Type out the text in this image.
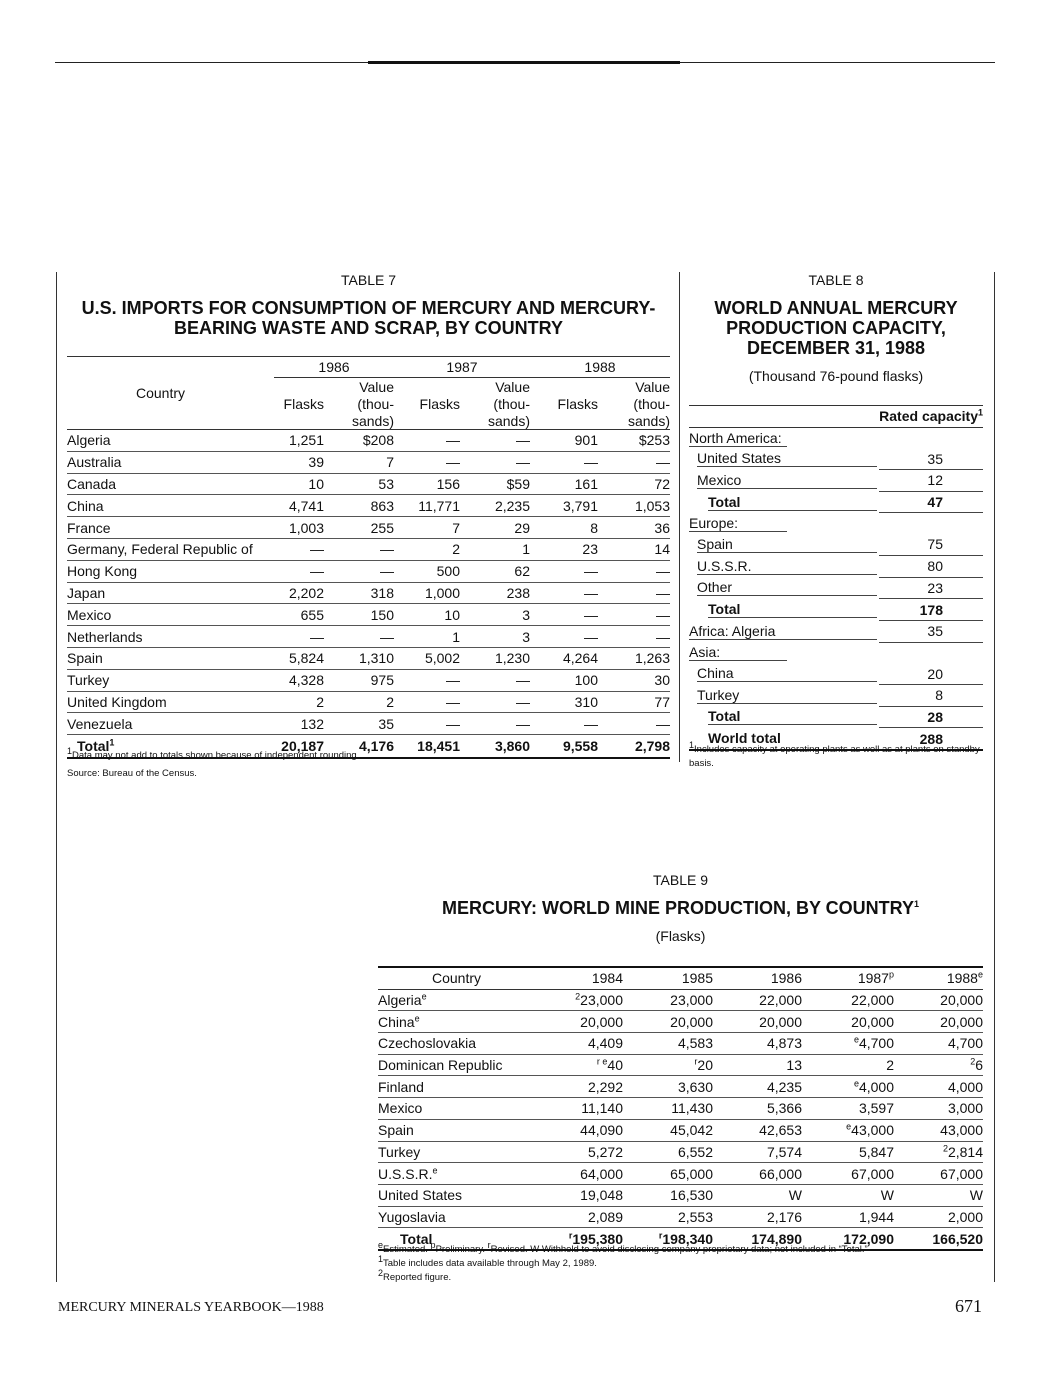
TABLE 7
U.S. IMPORTS FOR CONSUMPTION OF MERCURY AND MERCURY-
BEARING WASTE AND SCRAP, BY COUNTRY
Country	1986		1987		1988	
	Flasks	Value	Flasks	Value	Flasks	Value
		(thou-		(thou-		(thou-
		sands)		sands)		sands)
Algeria	1,251	$208	—	—	901	$253
Australia	39	7	—	—	—	—
Canada	10	53	156	$59	161	72
China	4,741	863	11,771	2,235	3,791	1,053
France	1,003	255	7	29	8	36
Germany, Federal Republic of	—	—	2	1	23	14
Hong Kong	—	—	500	62	—	—
Japan	2,202	318	1,000	238	—	—
Mexico	655	150	10	3	—	—
Netherlands	—	—	1	3	—	—
Spain	5,824	1,310	5,002	1,230	4,264	1,263
Turkey	4,328	975	—	—	100	30
United Kingdom	2	2	—	—	310	77
Venezuela	132	35	—	—	—	—
Total$^1$	20,187	4,176	18,451	3,860	9,558	2,798
$^1$Data may not add to totals shown because of independent rounding.
Source: Bureau of the Census.
TABLE 8
WORLD ANNUAL MERCURY
PRODUCTION CAPACITY,
DECEMBER 31, 1988
(Thousand 76-pound flasks)
	Rated capacity$^1$
North America:	
United States	35
Mexico	12
Total	47
Europe:	
Spain	75
U.S.S.R.	80
Other	23
Total	178
Africa: Algeria	35
Asia:	
China	20
Turkey	8
Total	28
World total	288
$^1$Includes capacity at operating plants as well as at plants on standby basis.
TABLE 9
MERCURY: WORLD MINE PRODUCTION, BY COUNTRY$^1$
(Flasks)
Country	1984	1985	1986	1987$^p$	1988e
Algeria$^e$	$^2$23,000	23,000	22,000	22,000	20,000
China$^e$	20,000	20,000	20,000	20,000	20,000
Czechoslovakia	4,409	4,583	4,873	$^e$4,700	4,700
Dominican Republic	$^{r e}$40	$^r$20	13	2	$^2$6
Finland	2,292	3,630	4,235	$^e$4,000	4,000
Mexico	11,140	11,430	5,366	3,597	3,000
Spain	44,090	45,042	42,653	$^e$43,000	43,000
Turkey	5,272	6,552	7,574	5,847	$^2$2,814
U.S.S.R.$^e$	64,000	65,000	66,000	67,000	67,000
United States	19,048	16,530	W	W	W
Yugoslavia	2,089	2,553	2,176	1,944	2,000
Total	$^r$195,380	$^r$198,340	174,890	172,090	166,520
$^e$Estimated. $^p$Preliminary. $^r$Revised. W Withheld to avoid disclosing company proprietary data; not included in “Total.”
$^1$Table includes data available through May 2, 1989.
$^2$Reported figure.
MERCURY MINERALS YEARBOOK—1988	671
